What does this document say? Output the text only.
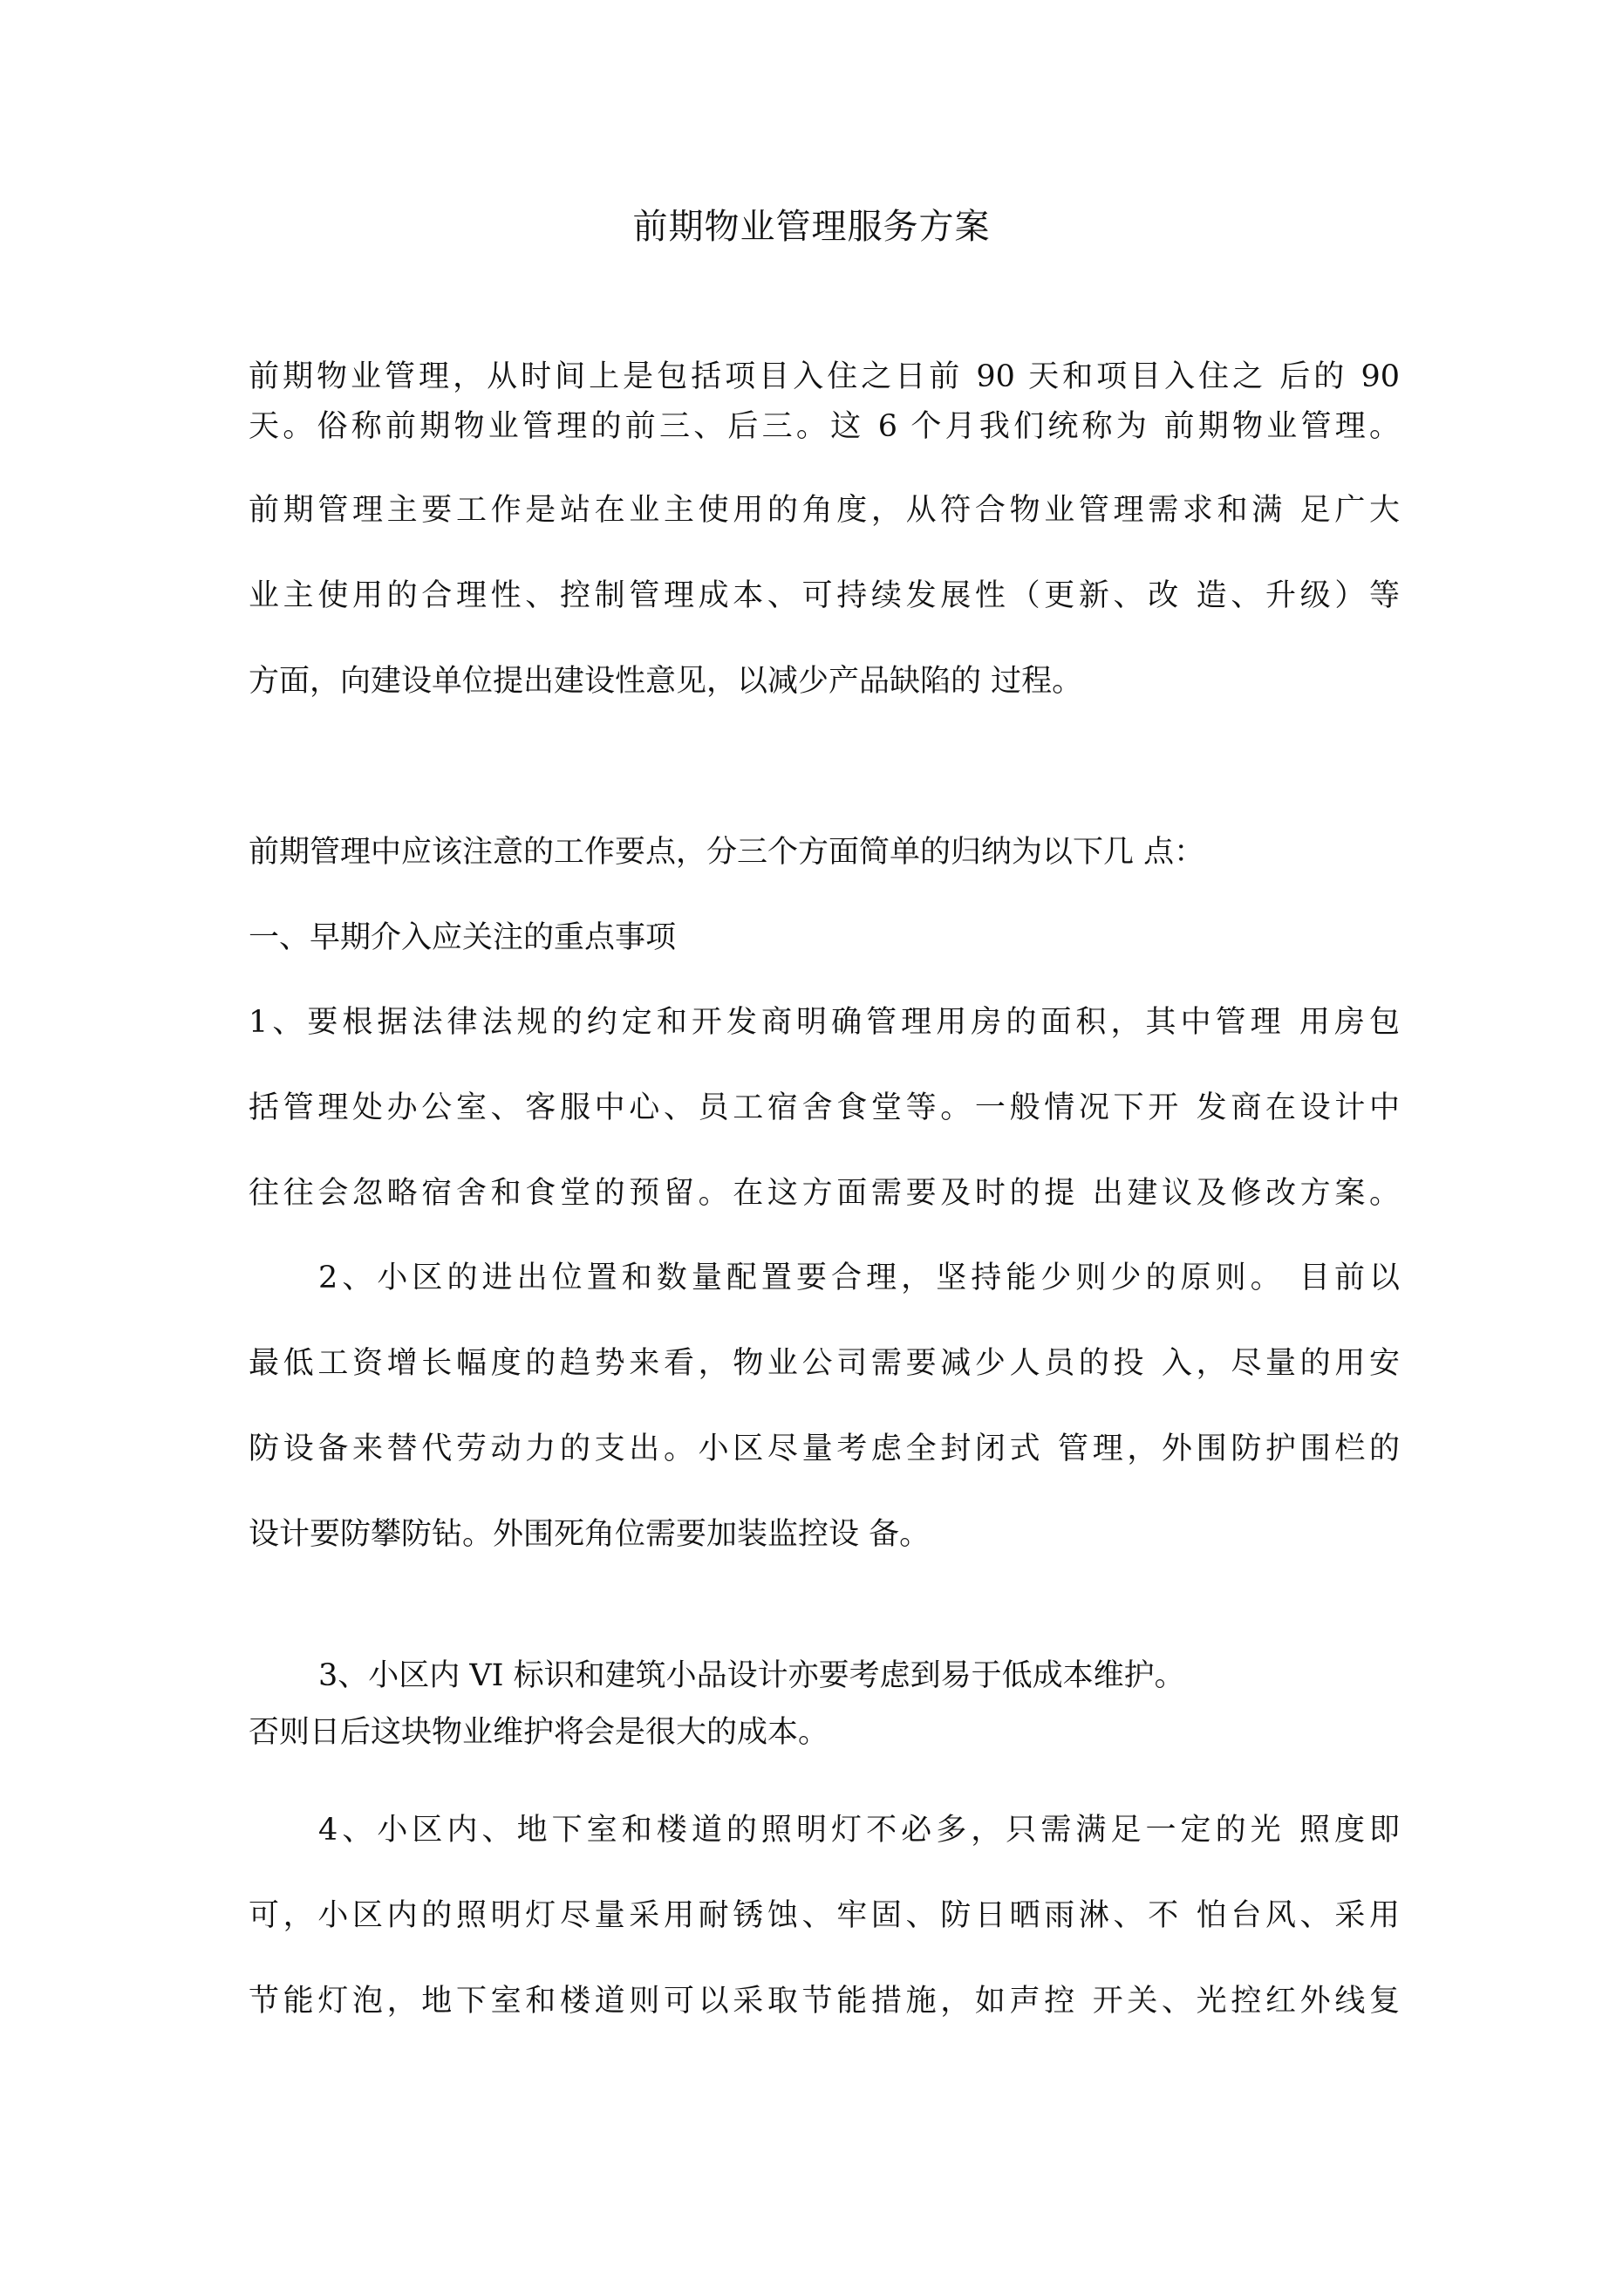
前期物业管理服务方案

前期物业管理，从时间上是包括项目入住之日前 90 天和项目入住之 后的 90

天。俗称前期物业管理的前三、后三。这 6 个月我们统称为 前期物业管理。

前期管理主要工作是站在业主使用的角度，从符合物业管理需求和满 足广大

业主使用的合理性、控制管理成本、可持续发展性（更新、改 造、升级）等

方面，向建设单位提出建设性意见，以减少产品缺陷的 过程。

前期管理中应该注意的工作要点，分三个方面简单的归纳为以下几 点：

一、早期介入应关注的重点事项

1、要根据法律法规的约定和开发商明确管理用房的面积，其中管理 用房包

括管理处办公室、客服中心、员工宿舍食堂等。一般情况下开 发商在设计中

往往会忽略宿舍和食堂的预留。在这方面需要及时的提 出建议及修改方案。

2、小区的进出位置和数量配置要合理，坚持能少则少的原则。 目前以

最低工资增长幅度的趋势来看，物业公司需要减少人员的投 入，尽量的用安

防设备来替代劳动力的支出。小区尽量考虑全封闭式 管理，外围防护围栏的

设计要防攀防钻。外围死角位需要加装监控设 备。

3、小区内 VI 标识和建筑小品设计亦要考虑到易于低成本维护。

否则日后这块物业维护将会是很大的成本。

4、小区内、地下室和楼道的照明灯不必多，只需满足一定的光 照度即

可，小区内的照明灯尽量采用耐锈蚀、牢固、防日晒雨淋、不 怕台风、采用

节能灯泡，地下室和楼道则可以采取节能措施，如声控 开关、光控红外线复
